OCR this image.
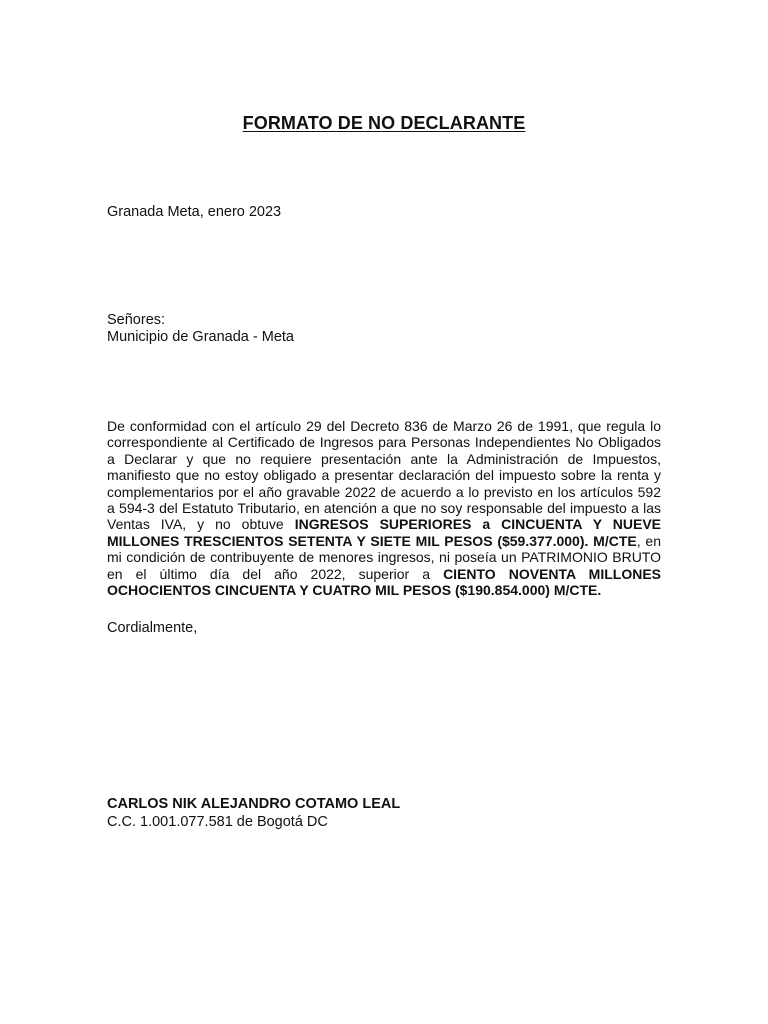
FORMATO DE NO DECLARANTE
Granada Meta, enero 2023
Señores:
Municipio de Granada - Meta
De conformidad con el artículo 29 del Decreto 836 de Marzo 26 de 1991, que regula lo correspondiente al Certificado de Ingresos para Personas Independientes No Obligados a Declarar y que no requiere presentación ante la Administración de Impuestos, manifiesto que no estoy obligado a presentar declaración del impuesto sobre la renta y complementarios por el año gravable 2022 de acuerdo a lo previsto en los artículos 592 a 594-3 del Estatuto Tributario, en atención a que no soy responsable del impuesto a las Ventas IVA, y no obtuve INGRESOS SUPERIORES a CINCUENTA Y NUEVE MILLONES TRESCIENTOS SETENTA Y SIETE MIL PESOS ($59.377.000). M/CTE, en mi condición de contribuyente de menores ingresos, ni poseía un PATRIMONIO BRUTO en el último día del año 2022, superior a CIENTO NOVENTA MILLONES OCHOCIENTOS CINCUENTA Y CUATRO MIL PESOS ($190.854.000) M/CTE.
Cordialmente,
CARLOS NIK ALEJANDRO COTAMO LEAL
C.C. 1.001.077.581 de Bogotá DC
